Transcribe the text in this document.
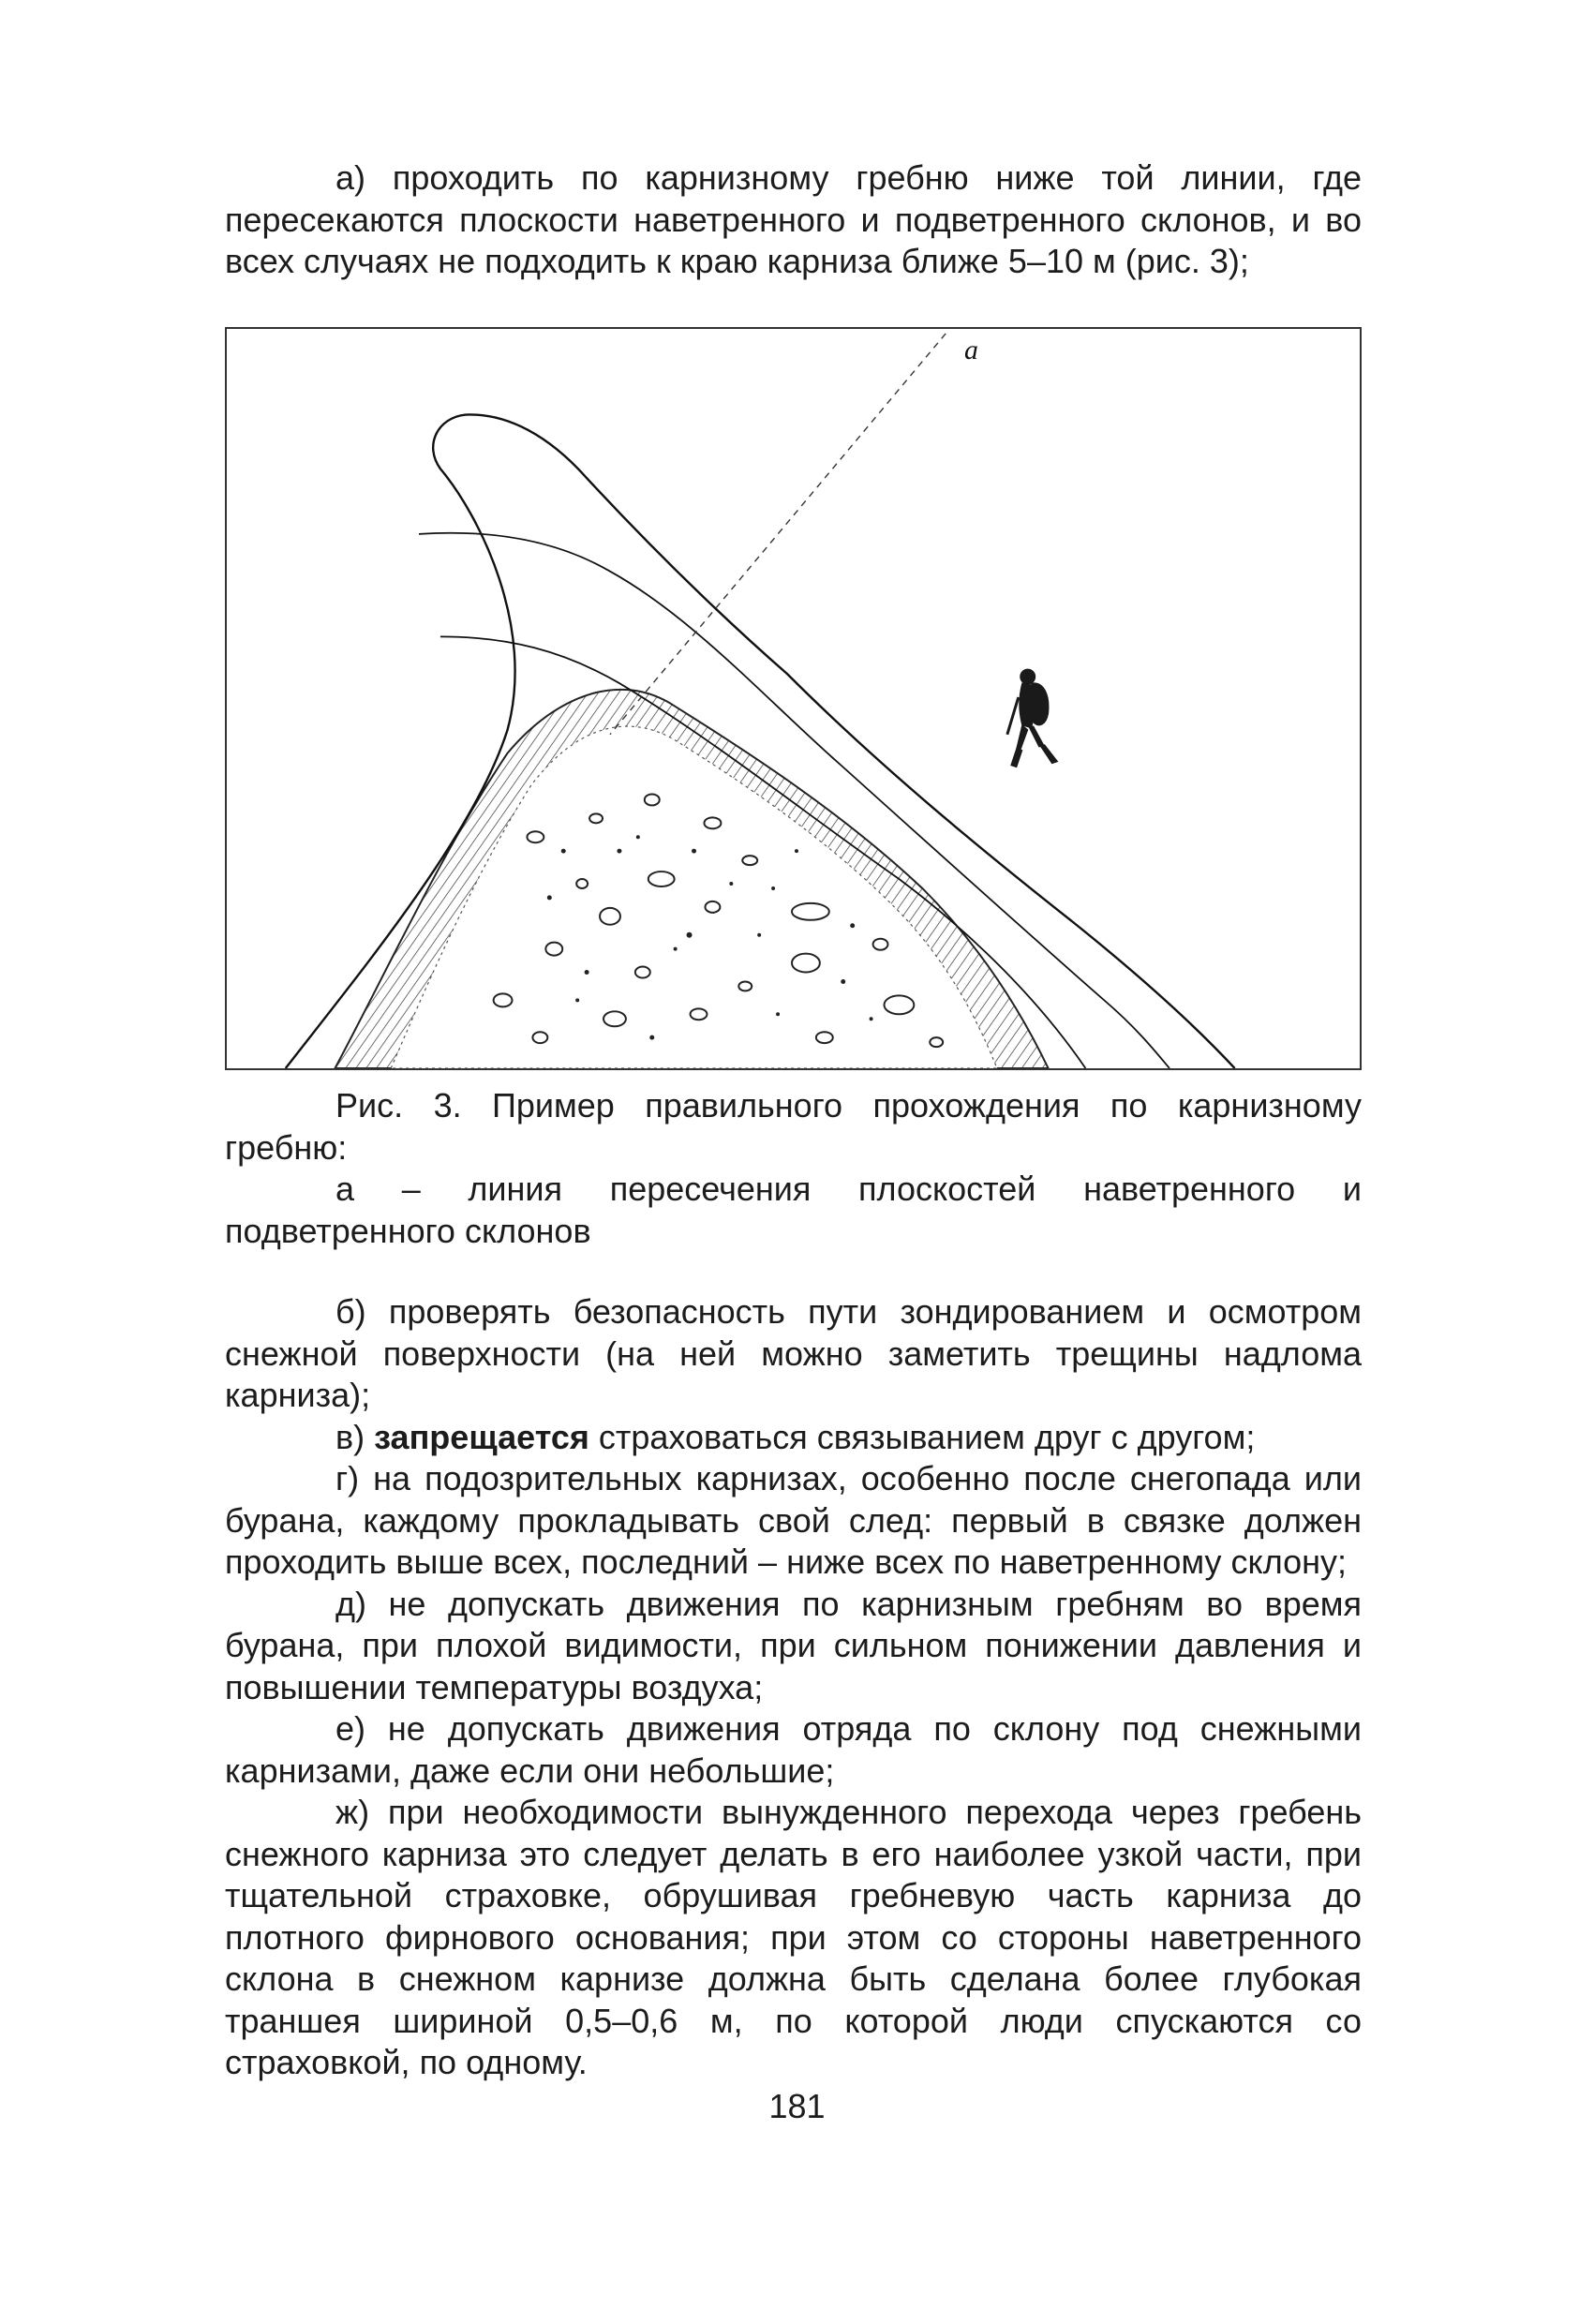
а) проходить по карнизному гребню ниже той линии, где пересекаются плоскости наветренного и подветренного склонов, и во всех случаях не подходить к краю карниза ближе 5–10 м (рис. 3);

а

Рис. 3. Пример правильного прохождения по карнизному гребню:

а – линия пересечения плоскостей наветренного и подветренного склонов

б) проверять безопасность пути зондированием и осмотром снежной поверхности (на ней можно заметить трещины надлома карниза);

в) запрещается страховаться связыванием друг с другом;

г) на подозрительных карнизах, особенно после снегопада или бурана, каждому прокладывать свой след: первый в связке должен проходить выше всех, последний – ниже всех по наветренному склону;

д) не допускать движения по карнизным гребням во время бурана, при плохой видимости, при сильном понижении давления и повышении температуры воздуха;

е) не допускать движения отряда по склону под снежными карнизами, даже если они небольшие;

ж) при необходимости вынужденного перехода через гребень снежного карниза это следует делать в его наиболее узкой части, при тщательной страховке, обрушивая гребневую часть карниза до плотного фирнового основания; при этом со стороны наветренного склона в снежном карнизе должна быть сделана более глубокая траншея шириной 0,5–0,6 м, по которой люди спускаются со страховкой, по одному.

181
